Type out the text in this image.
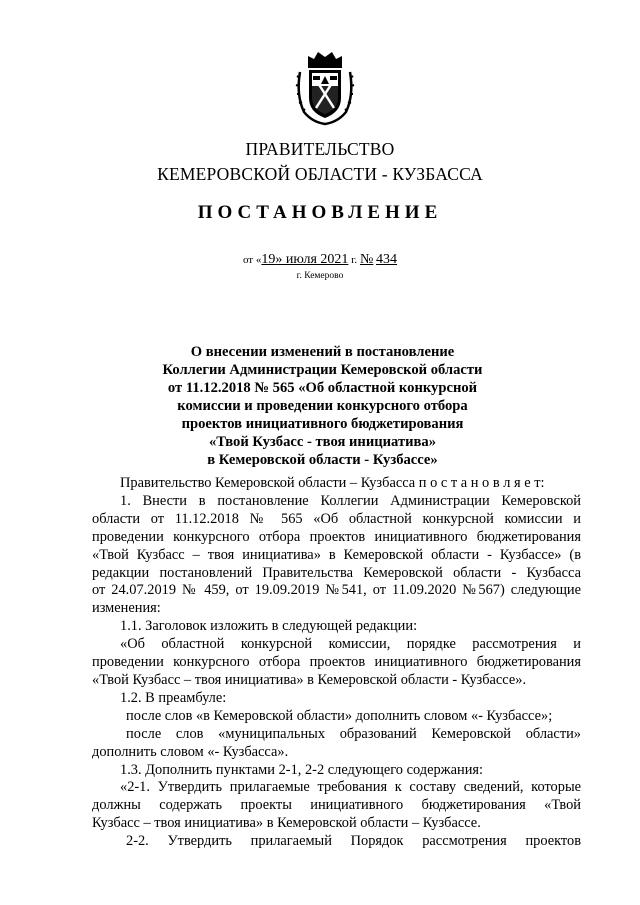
ПРАВИТЕЛЬСТВО
КЕМЕРОВСКОЙ ОБЛАСТИ - КУЗБАССА
ПОСТАНОВЛЕНИЕ
от «19» июля 2021 г. № 434
г. Кемерово
О внесении изменений в постановление
Коллегии Администрации Кемеровской области
от 11.12.2018 № 565 «Об областной конкурсной
комиссии и проведении конкурсного отбора
проектов инициативного бюджетирования
«Твой Кузбасс - твоя инициатива»
в Кемеровской области - Кузбассе»
Правительство Кемеровской области – Кузбасса п о с т а н о в л я е т:
1. Внести в постановление Коллегии Администрации Кемеровской
области от 11.12.2018 № 565 «Об областной конкурсной комиссии и
проведении конкурсного отбора проектов инициативного бюджетирования
«Твой Кузбасс – твоя инициатива» в Кемеровской области - Кузбассе» (в
редакции постановлений Правительства Кемеровской области - Кузбасса
от 24.07.2019 № 459, от 19.09.2019 №541, от 11.09.2020 №567) следующие
изменения:
1.1. Заголовок изложить в следующей редакции:
«Об областной конкурсной комиссии, порядке рассмотрения и
проведении конкурсного отбора проектов инициативного бюджетирования
«Твой Кузбасс – твоя инициатива» в Кемеровской области - Кузбассе».
1.2. В преамбуле:
после слов «в Кемеровской области» дополнить словом «- Кузбассе»;
после слов «муниципальных образований Кемеровской области»
дополнить словом «- Кузбасса».
1.3. Дополнить пунктами 2-1, 2-2 следующего содержания:
«2-1. Утвердить прилагаемые требования к составу сведений, которые
должны содержать проекты инициативного бюджетирования «Твой
Кузбасс – твоя инициатива» в Кемеровской области – Кузбассе.
2-2. Утвердить прилагаемый Порядок рассмотрения проектов
